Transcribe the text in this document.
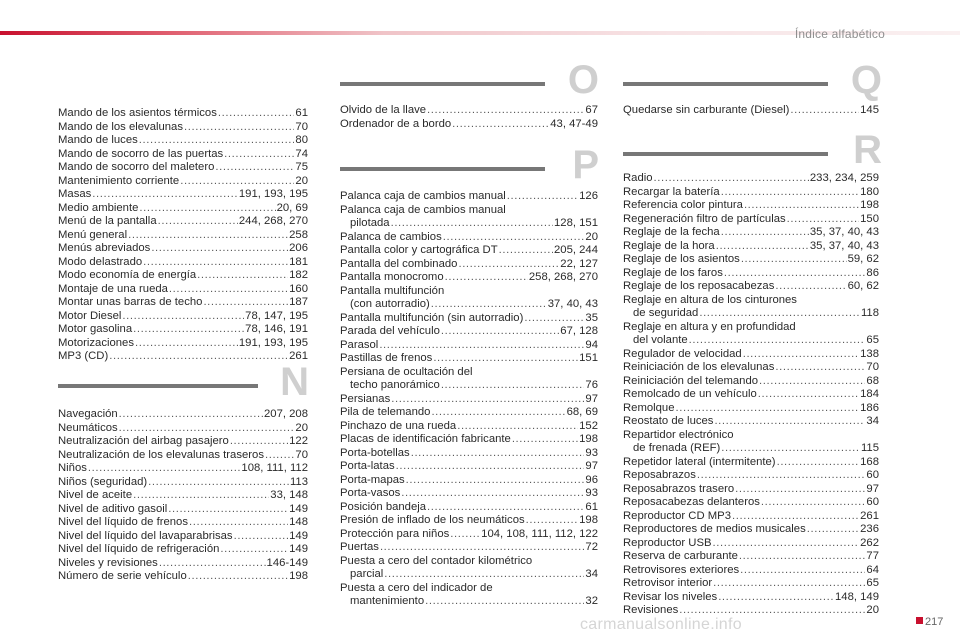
Índice alfabético
Mando de los asientos térmicos .....	61
Mando de los elevalunas .....	70
Mando de luces .....	80
Mando de socorro de las puertas .....	74
Mando de socorro del maletero .....	75
Mantenimiento corriente .....	20
Masas .....	191, 193, 195
Medio ambiente .....	20, 69
Menú de la pantalla .....	244, 268, 270
Menú general .....	258
Menús abreviados .....	206
Modo delastrado .....	181
Modo economía de energía .....	182
Montaje de una rueda .....	160
Montar unas barras de techo .....	187
Motor Diesel .....	78, 147, 195
Motor gasolina .....	78, 146, 191
Motorizaciones .....	191, 193, 195
MP3 (CD) .....	261
N
Navegación .....	207, 208
Neumáticos .....	20
Neutralización del airbag pasajero .....	122
Neutralización de los elevalunas traseros .....	70
Niños .....	108, 111, 112
Niños (seguridad) .....	113
Nivel de aceite .....	33, 148
Nivel de aditivo gasoil .....	149
Nivel del líquido de frenos .....	148
Nivel del líquido del lavaparabrisas .....	149
Nivel del líquido de refrigeración .....	149
Niveles y revisiones .....	146-149
Número de serie vehículo .....	198
O
Olvido de la llave .....	67
Ordenador de a bordo .....	43, 47-49
P
Palanca caja de cambios manual .....	126
Palanca caja de cambios manual
pilotada .....	128, 151
Palanca de cambios .....	20
Pantalla color y cartográfica DT .....	205, 244
Pantalla del combinado .....	22, 127
Pantalla monocromo .....	258, 268, 270
Pantalla multifunción
(con autorradio) .....	37, 40, 43
Pantalla multifunción (sin autorradio) .....	35
Parada del vehículo .....	67, 128
Parasol .....	94
Pastillas de frenos .....	151
Persiana de ocultación del
techo panorámico .....	76
Persianas .....	97
Pila de telemando .....	68, 69
Pinchazo de una rueda .....	152
Placas de identificación fabricante .....	198
Porta-botellas .....	93
Porta-latas .....	97
Porta-mapas .....	96
Porta-vasos .....	93
Posición bandeja .....	61
Presión de inflado de los neumáticos .....	198
Protección para niños .....	104, 108, 111, 112, 122
Puertas .....	72
Puesta a cero del contador kilométrico
parcial .....	34
Puesta a cero del indicador de
mantenimiento .....	32
Q
Quedarse sin carburante (Diesel) .....	145
R
Radio .....	233, 234, 259
Recargar la batería .....	180
Referencia color pintura .....	198
Regeneración filtro de partículas .....	150
Reglaje de la fecha .....	35, 37, 40, 43
Reglaje de la hora .....	35, 37, 40, 43
Reglaje de los asientos .....	59, 62
Reglaje de los faros .....	86
Reglaje de los reposacabezas .....	60, 62
Reglaje en altura de los cinturones
de seguridad .....	118
Reglaje en altura y en profundidad
del volante .....	65
Regulador de velocidad .....	138
Reiniciación de los elevalunas .....	70
Reiniciación del telemando .....	68
Remolcado de un vehículo .....	184
Remolque .....	186
Reostato de luces .....	34
Repartidor electrónico
de frenada (REF) .....	115
Repetidor lateral (intermitente) .....	168
Reposabrazos .....	60
Reposabrazos trasero .....	97
Reposacabezas delanteros .....	60
Reproductor CD MP3 .....	261
Reproductores de medios musicales .....	236
Reproductor USB .....	262
Reserva de carburante .....	77
Retrovisores exteriores .....	64
Retrovisor interior .....	65
Revisar los niveles .....	148, 149
Revisiones .....	20
carmanualsonline.info	217
